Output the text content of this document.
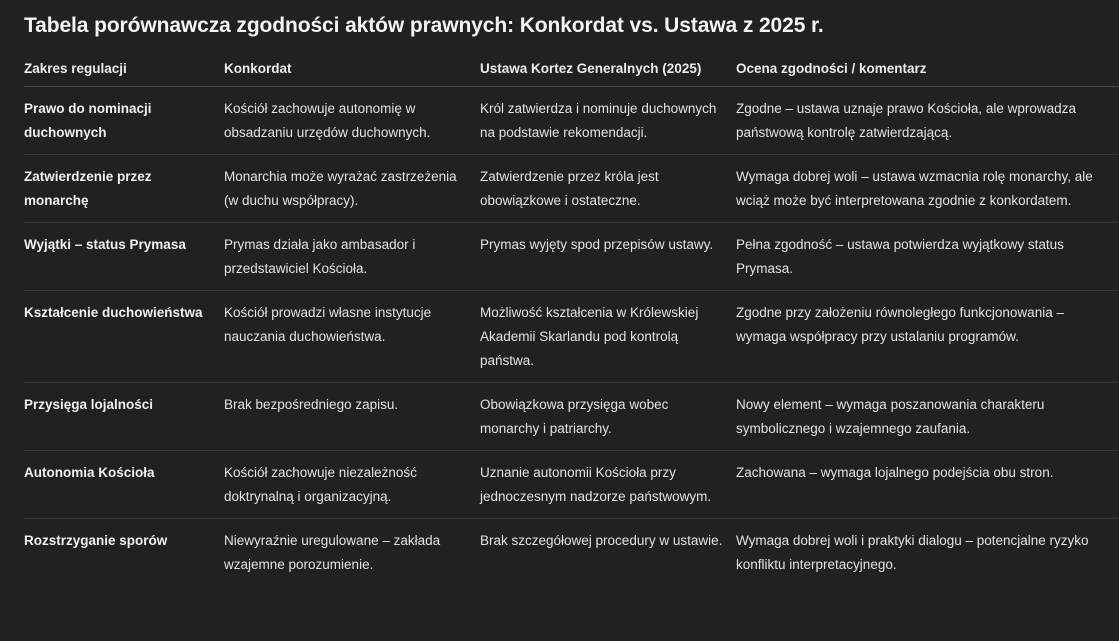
Tabela porównawcza zgodności aktów prawnych: Konkordat vs. Ustawa z 2025 r.
Zakres regulacji	Konkordat	Ustawa Kortez Generalnych (2025)	Ocena zgodności / komentarz
Prawo do nominacji duchownych	Kościół zachowuje autonomię w obsadzaniu urzędów duchownych.	Król zatwierdza i nominuje duchownych na podstawie rekomendacji.	Zgodne – ustawa uznaje prawo Kościoła, ale wprowadza państwową kontrolę zatwierdzającą.
Zatwierdzenie przez monarchę	Monarchia może wyrażać zastrzeżenia (w duchu współpracy).	Zatwierdzenie przez króla jest obowiązkowe i ostateczne.	Wymaga dobrej woli – ustawa wzmacnia rolę monarchy, ale wciąż może być interpretowana zgodnie z konkordatem.
Wyjątki – status Prymasa	Prymas działa jako ambasador i przedstawiciel Kościoła.	Prymas wyjęty spod przepisów ustawy.	Pełna zgodność – ustawa potwierdza wyjątkowy status Prymasa.
Kształcenie duchowieństwa	Kościół prowadzi własne instytucje nauczania duchowieństwa.	Możliwość kształcenia w Królewskiej Akademii Skarlandu pod kontrolą państwa.	Zgodne przy założeniu równoległego funkcjonowania – wymaga współpracy przy ustalaniu programów.
Przysięga lojalności	Brak bezpośredniego zapisu.	Obowiązkowa przysięga wobec monarchy i patriarchy.	Nowy element – wymaga poszanowania charakteru symbolicznego i wzajemnego zaufania.
Autonomia Kościoła	Kościół zachowuje niezależność doktrynalną i organizacyjną.	Uznanie autonomii Kościoła przy jednoczesnym nadzorze państwowym.	Zachowana – wymaga lojalnego podejścia obu stron.
Rozstrzyganie sporów	Niewyraźnie uregulowane – zakłada wzajemne porozumienie.	Brak szczegółowej procedury w ustawie.	Wymaga dobrej woli i praktyki dialogu – potencjalne ryzyko konfliktu interpretacyjnego.
